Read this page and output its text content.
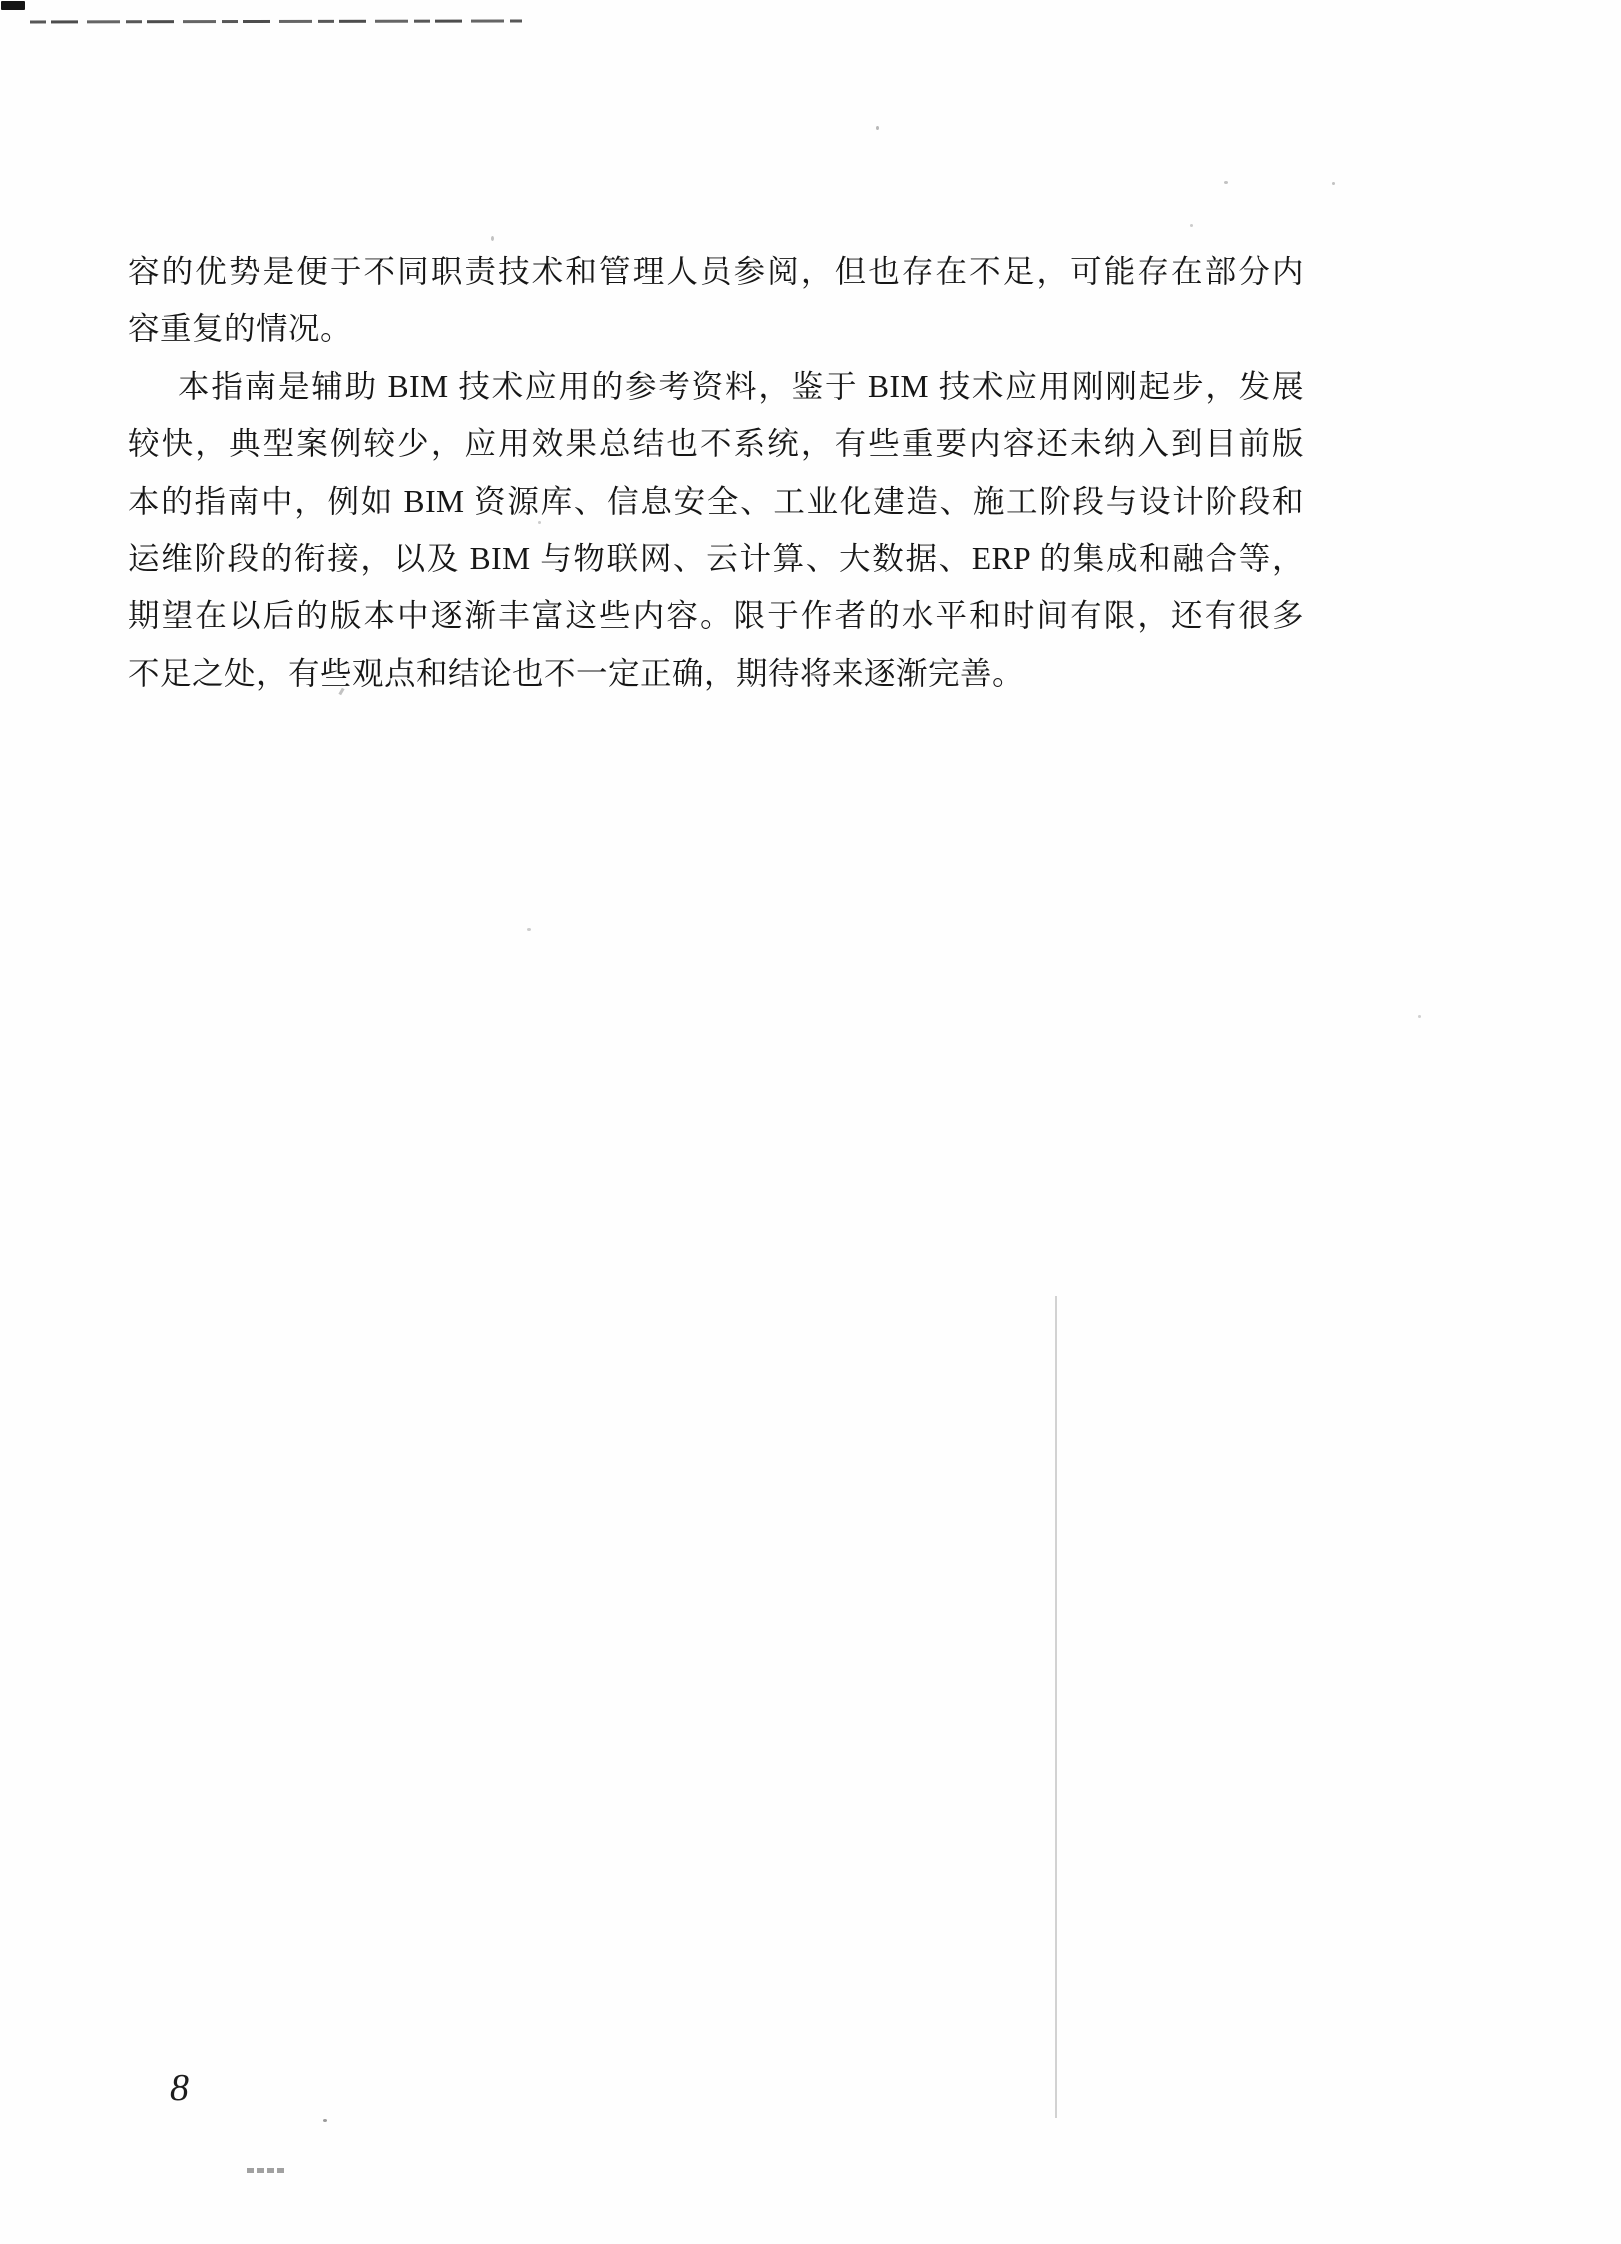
容的优势是便于不同职责技术和管理人员参阅，但也存在不足，可能存在部分内
容重复的情况。
本指南是辅助 BIM 技术应用的参考资料，鉴于 BIM 技术应用刚刚起步，发展
较快，典型案例较少，应用效果总结也不系统，有些重要内容还未纳入到目前版
本的指南中，例如 BIM 资源库、信息安全、工业化建造、施工阶段与设计阶段和
运维阶段的衔接，以及 BIM 与物联网、云计算、大数据、ERP 的集成和融合等，
期望在以后的版本中逐渐丰富这些内容。限于作者的水平和时间有限，还有很多
不足之处，有些观点和结论也不一定正确，期待将来逐渐完善。
8
